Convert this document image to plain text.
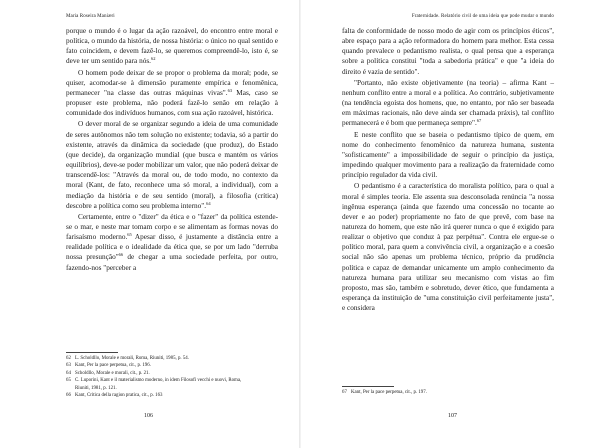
Maria Roseira Maniæri

porque o mundo é o lugar da ação razoável, do encontro entre moral e política, o mundo da história, de nossa história: o único no qual sentido e fato coincidem, e devem fazê-lo, se queremos compreendê-lo, isto é, se deve ter um sentido para nós.$^{62}$

O homem pode deixar de se propor o problema da moral; pode, se quiser, acomodar-se à dimensão puramente empírica e fenomênica, permanecer "na classe das outras máquinas vivas".$^{63}$ Mas, caso se propuser este problema, não poderá fazê-lo senão em relação à comunidade dos indivíduos humanos, com sua ação razoável, histórica.

O dever moral de se organizar segundo a ideia de uma comunidade de seres autônomos não tem solução no existente; todavia, só a partir do existente, através da dinâmica da sociedade (que produz), do Estado (que decide), da organização mundial (que busca e mantém os vários equilíbrios), deve-se poder mobilizar um valor, que não poderá deixar de transcendê-los: "Através da moral ou, de todo modo, no contexto da moral (Kant, de fato, reconhece uma só moral, a individual), com a mediação da história e de seu sentido (moral), a filosofia (crítica) descobre a política como seu problema interno".$^{64}$

Certamente, entre o "dizer" da ética e o "fazer" da política estende-se o mar, e neste mar tomam corpo e se alimentam as formas novas do farisaísmo moderno.$^{65}$ Apesar disso, é justamente a distância entre a realidade política e o idealidade da ética que, se por um lado "derruba nossa presunção"$^{66}$ de chegar a uma sociedade perfeita, por outro, fazendo-nos "perceber a

62 L. Scholdllo, Morale e morali, Roma, Riuniti, 1985, p. 54.
63 Kant, Per la pace perpetua, cit., p. 196.
64 Scholdllo, Morale e morali, cit., p. 21.
65 C. Luporini, Kant e il materialismo moderno, in idem Filosofi vecchi e nuovi, Roma,
Riuniti, 1981, p. 121.
66 Kant, Critica della ragion pratica, cit., p. 163
106
Fraternidade. Relatório civil de uma ideia que pode mudar o mundo

falta de conformidade de nosso modo de agir com os princípios éticos", abre espaço para a ação reformadora do homem para melhor. Esta cessa quando prevalece o pedantismo realista, o qual pensa que a esperança sobre a política constitui "toda a sabedoria prática" e que "a ideia do direito é vazia de sentido".

"Portanto, não existe objetivamente (na teoria) – afirma Kant – nenhum conflito entre a moral e a política. Ao contrário, subjetivamente (na tendência egoísta dos homens, que, no entanto, por não ser baseada em máximas racionais, não deve ainda ser chamada práxis), tal conflito permanecerá e é bom que permaneça sempre".$^{67}$

E neste conflito que se baseia o pedantismo típico de quem, em nome do conhecimento fenomênico da natureza humana, sustenta "sofisticamente" a impossibilidade de seguir o princípio da justiça, impedindo qualquer movimento para a realização da fraternidade como princípio regulador da vida civil.

O pedantismo é a característica do moralista político, para o qual a moral é simples teoria. Ele assenta sua desconsolada renúncia "a nossa ingênua esperança (ainda que fazendo uma concessão no tocante ao dever e ao poder) propriamente no fato de que prevê, com base na natureza do homem, que este não irá querer nunca o que é exigido para realizar o objetivo que conduz à paz perpétua". Contra ele ergue-se o político moral, para quem a convivência civil, a organização e a coesão social não são apenas um problema técnico, próprio da prudência política e capaz de demandar unicamente um amplo conhecimento da natureza humana para utilizar seu mecanismo com vistas ao fim proposto, mas são, também e sobretudo, dever ético, que fundamenta a esperança da instituição de "uma constituição civil perfeitamente justa", e considera

67 Kant, Per la pace perpetua, cit., p. 197.
107
